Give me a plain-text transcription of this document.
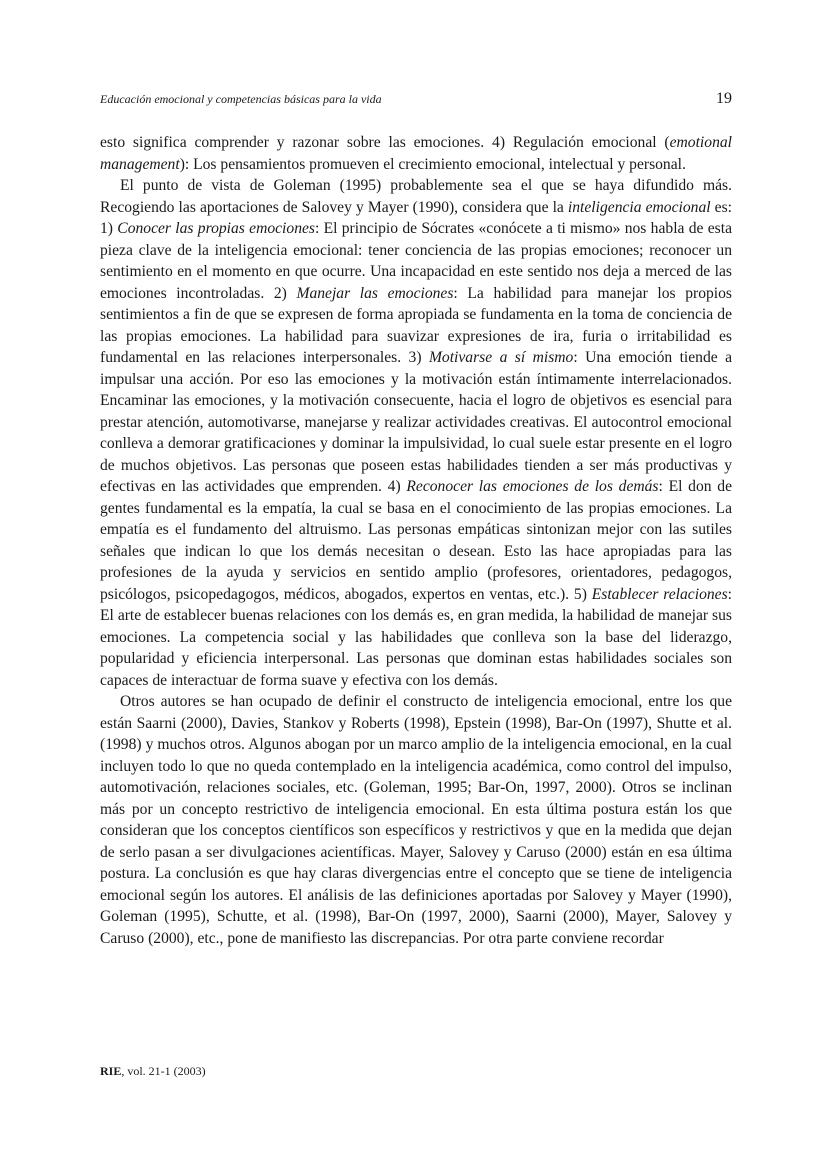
Educación emocional y competencias básicas para la vida	19

esto significa comprender y razonar sobre las emociones. 4) Regulación emocional (emotional management): Los pensamientos promueven el crecimiento emocional, intelectual y personal.

El punto de vista de Goleman (1995) probablemente sea el que se haya difundido más. Recogiendo las aportaciones de Salovey y Mayer (1990), considera que la inteligencia emocional es: 1) Conocer las propias emociones: El principio de Sócrates «conócete a ti mismo» nos habla de esta pieza clave de la inteligencia emocional: tener conciencia de las propias emociones; reconocer un sentimiento en el momento en que ocurre. Una incapacidad en este sentido nos deja a merced de las emociones incontroladas. 2) Manejar las emociones: La habilidad para manejar los propios sentimientos a fin de que se expresen de forma apropiada se fundamenta en la toma de conciencia de las propias emociones. La habilidad para suavizar expresiones de ira, furia o irritabilidad es fundamental en las relaciones interpersonales. 3) Motivarse a sí mismo: Una emoción tiende a impulsar una acción. Por eso las emociones y la motivación están íntimamente interrelacionados. Encaminar las emociones, y la motivación consecuente, hacia el logro de objetivos es esencial para prestar atención, automotivarse, manejarse y realizar actividades creativas. El autocontrol emocional conlleva a demorar gratificaciones y dominar la impulsividad, lo cual suele estar presente en el logro de muchos objetivos. Las personas que poseen estas habilidades tienden a ser más productivas y efectivas en las actividades que emprenden. 4) Reconocer las emociones de los demás: El don de gentes fundamental es la empatía, la cual se basa en el conocimiento de las propias emociones. La empatía es el fundamento del altruismo. Las personas empáticas sintonizan mejor con las sutiles señales que indican lo que los demás necesitan o desean. Esto las hace apropiadas para las profesiones de la ayuda y servicios en sentido amplio (profesores, orientadores, pedagogos, psicólogos, psicopedagogos, médicos, abogados, expertos en ventas, etc.). 5) Establecer relaciones: El arte de establecer buenas relaciones con los demás es, en gran medida, la habilidad de manejar sus emociones. La competencia social y las habilidades que conlleva son la base del liderazgo, popularidad y eficiencia interpersonal. Las personas que dominan estas habilidades sociales son capaces de interactuar de forma suave y efectiva con los demás.

Otros autores se han ocupado de definir el constructo de inteligencia emocional, entre los que están Saarni (2000), Davies, Stankov y Roberts (1998), Epstein (1998), Bar-On (1997), Shutte et al. (1998) y muchos otros. Algunos abogan por un marco amplio de la inteligencia emocional, en la cual incluyen todo lo que no queda contemplado en la inteligencia académica, como control del impulso, automotivación, relaciones sociales, etc. (Goleman, 1995; Bar-On, 1997, 2000). Otros se inclinan más por un concepto restrictivo de inteligencia emocional. En esta última postura están los que consideran que los conceptos científicos son específicos y restrictivos y que en la medida que dejan de serlo pasan a ser divulgaciones acientíficas. Mayer, Salovey y Caruso (2000) están en esa última postura. La conclusión es que hay claras divergencias entre el concepto que se tiene de inteligencia emocional según los autores. El análisis de las definiciones aportadas por Salovey y Mayer (1990), Goleman (1995), Schutte, et al. (1998), Bar-On (1997, 2000), Saarni (2000), Mayer, Salovey y Caruso (2000), etc., pone de manifiesto las discrepancias. Por otra parte conviene recordar

RIE, vol. 21-1 (2003)
